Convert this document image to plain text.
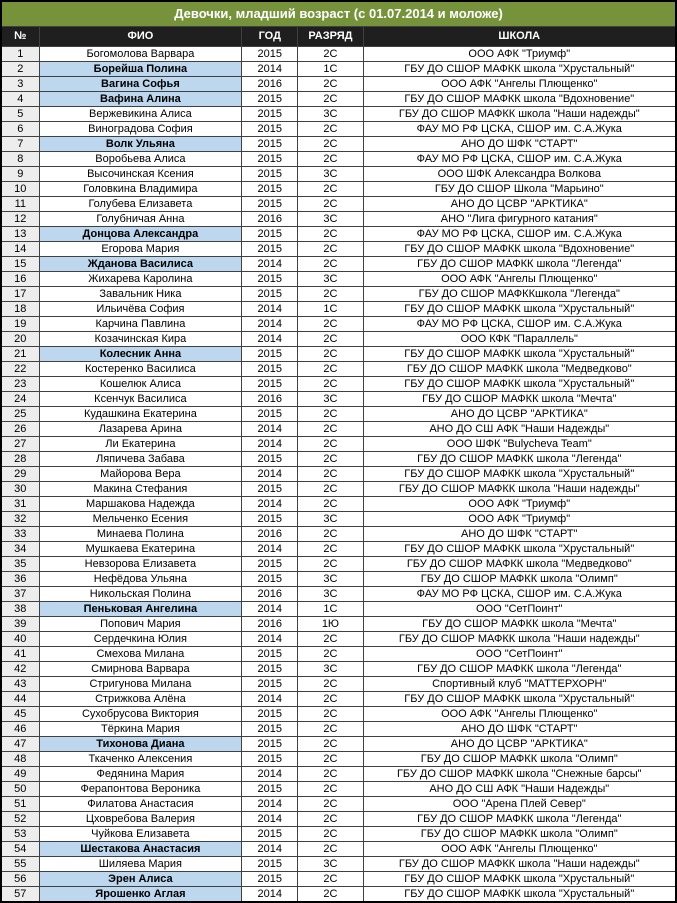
Девочки, младший возраст (с 01.07.2014 и моложе)				
№	ФИО	ГОД	РАЗРЯД	ШКОЛА
1	Богомолова Варвара	2015	2С	ООО АФК "Триумф"
2	Борейша Полина	2014	1С	ГБУ ДО СШОР МАФКК школа "Хрустальный"
3	Вагина Софья	2016	2С	ООО АФК "Ангелы Плющенко"
4	Вафина Алина	2015	2С	ГБУ ДО СШОР МАФКК школа "Вдохновение"
5	Вержевикина Алиса	2015	3С	ГБУ ДО СШОР МАФКК школа "Наши надежды"
6	Виноградова София	2015	2С	ФАУ МО РФ ЦСКА, СШОР им. С.А.Жука
7	Волк Ульяна	2015	2С	АНО ДО ШФК "СТАРТ"
8	Воробьева Алиса	2015	2С	ФАУ МО РФ ЦСКА, СШОР им. С.А.Жука
9	Высочинская Ксения	2015	3С	ООО ШФК Александра Волкова
10	Головкина Владимира	2015	2С	ГБУ ДО СШОР Школа "Марьино"
11	Голубева Елизавета	2015	2С	АНО ДО ЦСВР "АРКТИКА"
12	Голубничая Анна	2016	3С	АНО "Лига фигурного катания"
13	Донцова Александра	2015	2С	ФАУ МО РФ ЦСКА, СШОР им. С.А.Жука
14	Егорова Мария	2015	2С	ГБУ ДО СШОР МАФКК школа "Вдохновение"
15	Жданова Василиса	2014	2С	ГБУ ДО СШОР МАФКК школа "Легенда"
16	Жихарева Каролина	2015	3С	ООО АФК "Ангелы Плющенко"
17	Завальник Ника	2015	2С	ГБУ ДО СШОР МАФККшкола "Легенда"
18	Ильичёва София	2014	1С	ГБУ ДО СШОР МАФКК школа "Хрустальный"
19	Карчина Павлина	2014	2С	ФАУ МО РФ ЦСКА, СШОР им. С.А.Жука
20	Козачинская Кира	2014	2С	ООО КФК "Параллель"
21	Колесник Анна	2015	2С	ГБУ ДО СШОР МАФКК школа "Хрустальный"
22	Костеренко Василиса	2015	2С	ГБУ ДО СШОР МАФКК школа "Медведково"
23	Кошелюк Алиса	2015	2С	ГБУ ДО СШОР МАФКК школа "Хрустальный"
24	Ксенчук Василиса	2016	3С	ГБУ ДО СШОР МАФКК школа "Мечта"
25	Кудашкина Екатерина	2015	2С	АНО ДО ЦСВР "АРКТИКА"
26	Лазарева Арина	2014	2С	АНО ДО СШ АФК "Наши Надежды"
27	Ли Екатерина	2014	2С	ООО ШФК "Bulycheva Team"
28	Ляпичева Забава	2015	2С	ГБУ ДО СШОР МАФКК школа "Легенда"
29	Майорова Вера	2014	2С	ГБУ ДО СШОР МАФКК школа "Хрустальный"
30	Макина Стефания	2015	2С	ГБУ ДО СШОР МАФКК школа "Наши надежды"
31	Маршакова Надежда	2014	2С	ООО АФК "Триумф"
32	Мельченко Есения	2015	3С	ООО АФК "Триумф"
33	Минаева Полина	2016	2С	АНО ДО ШФК "СТАРТ"
34	Мушкаева Екатерина	2014	2С	ГБУ ДО СШОР МАФКК школа "Хрустальный"
35	Невзорова Елизавета	2015	2С	ГБУ ДО СШОР МАФКК школа "Медведково"
36	Нефёдова Ульяна	2015	3С	ГБУ ДО СШОР МАФКК школа "Олимп"
37	Никольская Полина	2016	3С	ФАУ МО РФ ЦСКА, СШОР им. С.А.Жука
38	Пеньковая Ангелина	2014	1С	ООО "СетПоинт"
39	Попович Мария	2016	1Ю	ГБУ ДО СШОР МАФКК школа "Мечта"
40	Сердечкина Юлия	2014	2С	ГБУ ДО СШОР МАФКК школа "Наши надежды"
41	Смехова Милана	2015	2С	ООО "СетПоинт"
42	Смирнова Варвара	2015	3С	ГБУ ДО СШОР МАФКК школа "Легенда"
43	Стригунова Милана	2015	2С	Спортивный клуб "МАТТЕРХОРН"
44	Стрижкова Алёна	2014	2С	ГБУ ДО СШОР МАФКК школа "Хрустальный"
45	Сухобрусова Виктория	2015	2С	ООО АФК "Ангелы Плющенко"
46	Тёркина Мария	2015	2С	АНО ДО ШФК "СТАРТ"
47	Тихонова Диана	2015	2С	АНО ДО ЦСВР "АРКТИКА"
48	Ткаченко Алексения	2015	2С	ГБУ ДО СШОР МАФКК школа "Олимп"
49	Федянина Мария	2014	2С	ГБУ ДО СШОР МАФКК школа "Снежные барсы"
50	Ферапонтова Вероника	2015	2С	АНО ДО СШ АФК "Наши Надежды"
51	Филатова Анастасия	2014	2С	ООО "Арена Плей Север"
52	Цховребова Валерия	2014	2С	ГБУ ДО СШОР МАФКК школа "Легенда"
53	Чуйкова Елизавета	2015	2С	ГБУ ДО СШОР МАФКК школа "Олимп"
54	Шестакова Анастасия	2014	2С	ООО АФК "Ангелы Плющенко"
55	Шиляева Мария	2015	3С	ГБУ ДО СШОР МАФКК школа "Наши надежды"
56	Эрен Алиса	2015	2С	ГБУ ДО СШОР МАФКК школа "Хрустальный"
57	Ярошенко Аглая	2014	2С	ГБУ ДО СШОР МАФКК школа "Хрустальный"
